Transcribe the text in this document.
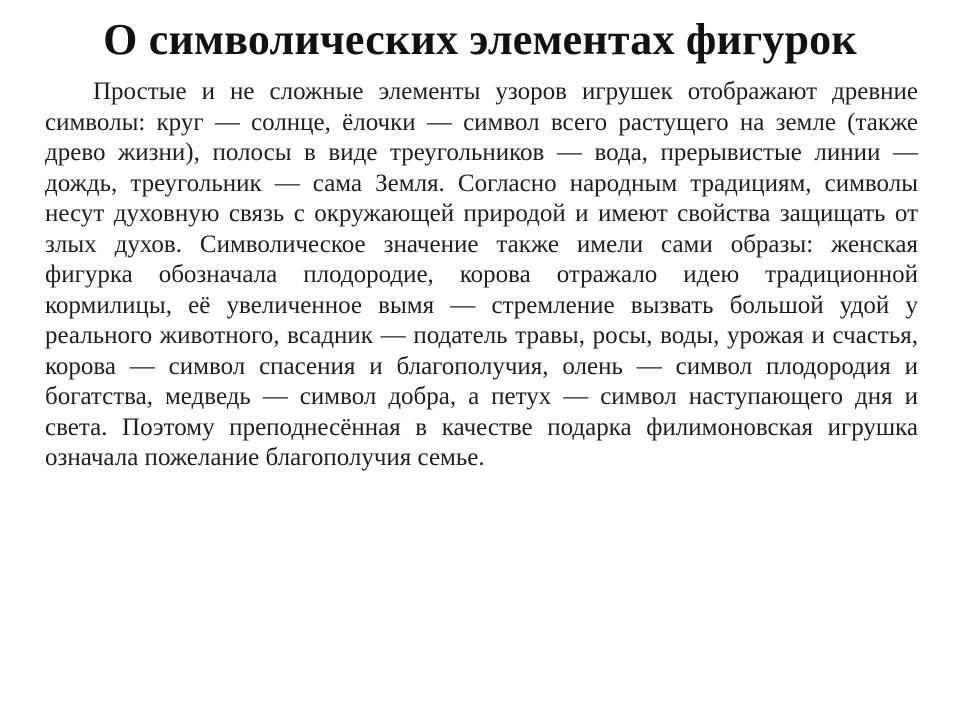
О символических элементах фигурок

Простые и не сложные элементы узоров игрушек отображают древние символы: круг — солнце, ёлочки — символ всего растущего на земле (также древо жизни), полосы в виде треугольников — вода, прерывистые линии — дождь, треугольник — сама Земля. Согласно народным традициям, символы несут духовную связь с окружающей природой и имеют свойства защищать от злых духов. Символическое значение также имели сами образы: женская фигурка обозначала плодородие, корова отражало идею традиционной кормилицы, её увеличенное вымя — стремление вызвать большой удой у реального животного, всадник — податель травы, росы, воды, урожая и счастья, корова — символ спасения и благополучия, олень — символ плодородия и богатства, медведь — символ добра, а петух — символ наступающего дня и света. Поэтому преподнесённая в качестве подарка филимоновская игрушка означала пожелание благополучия семье.
